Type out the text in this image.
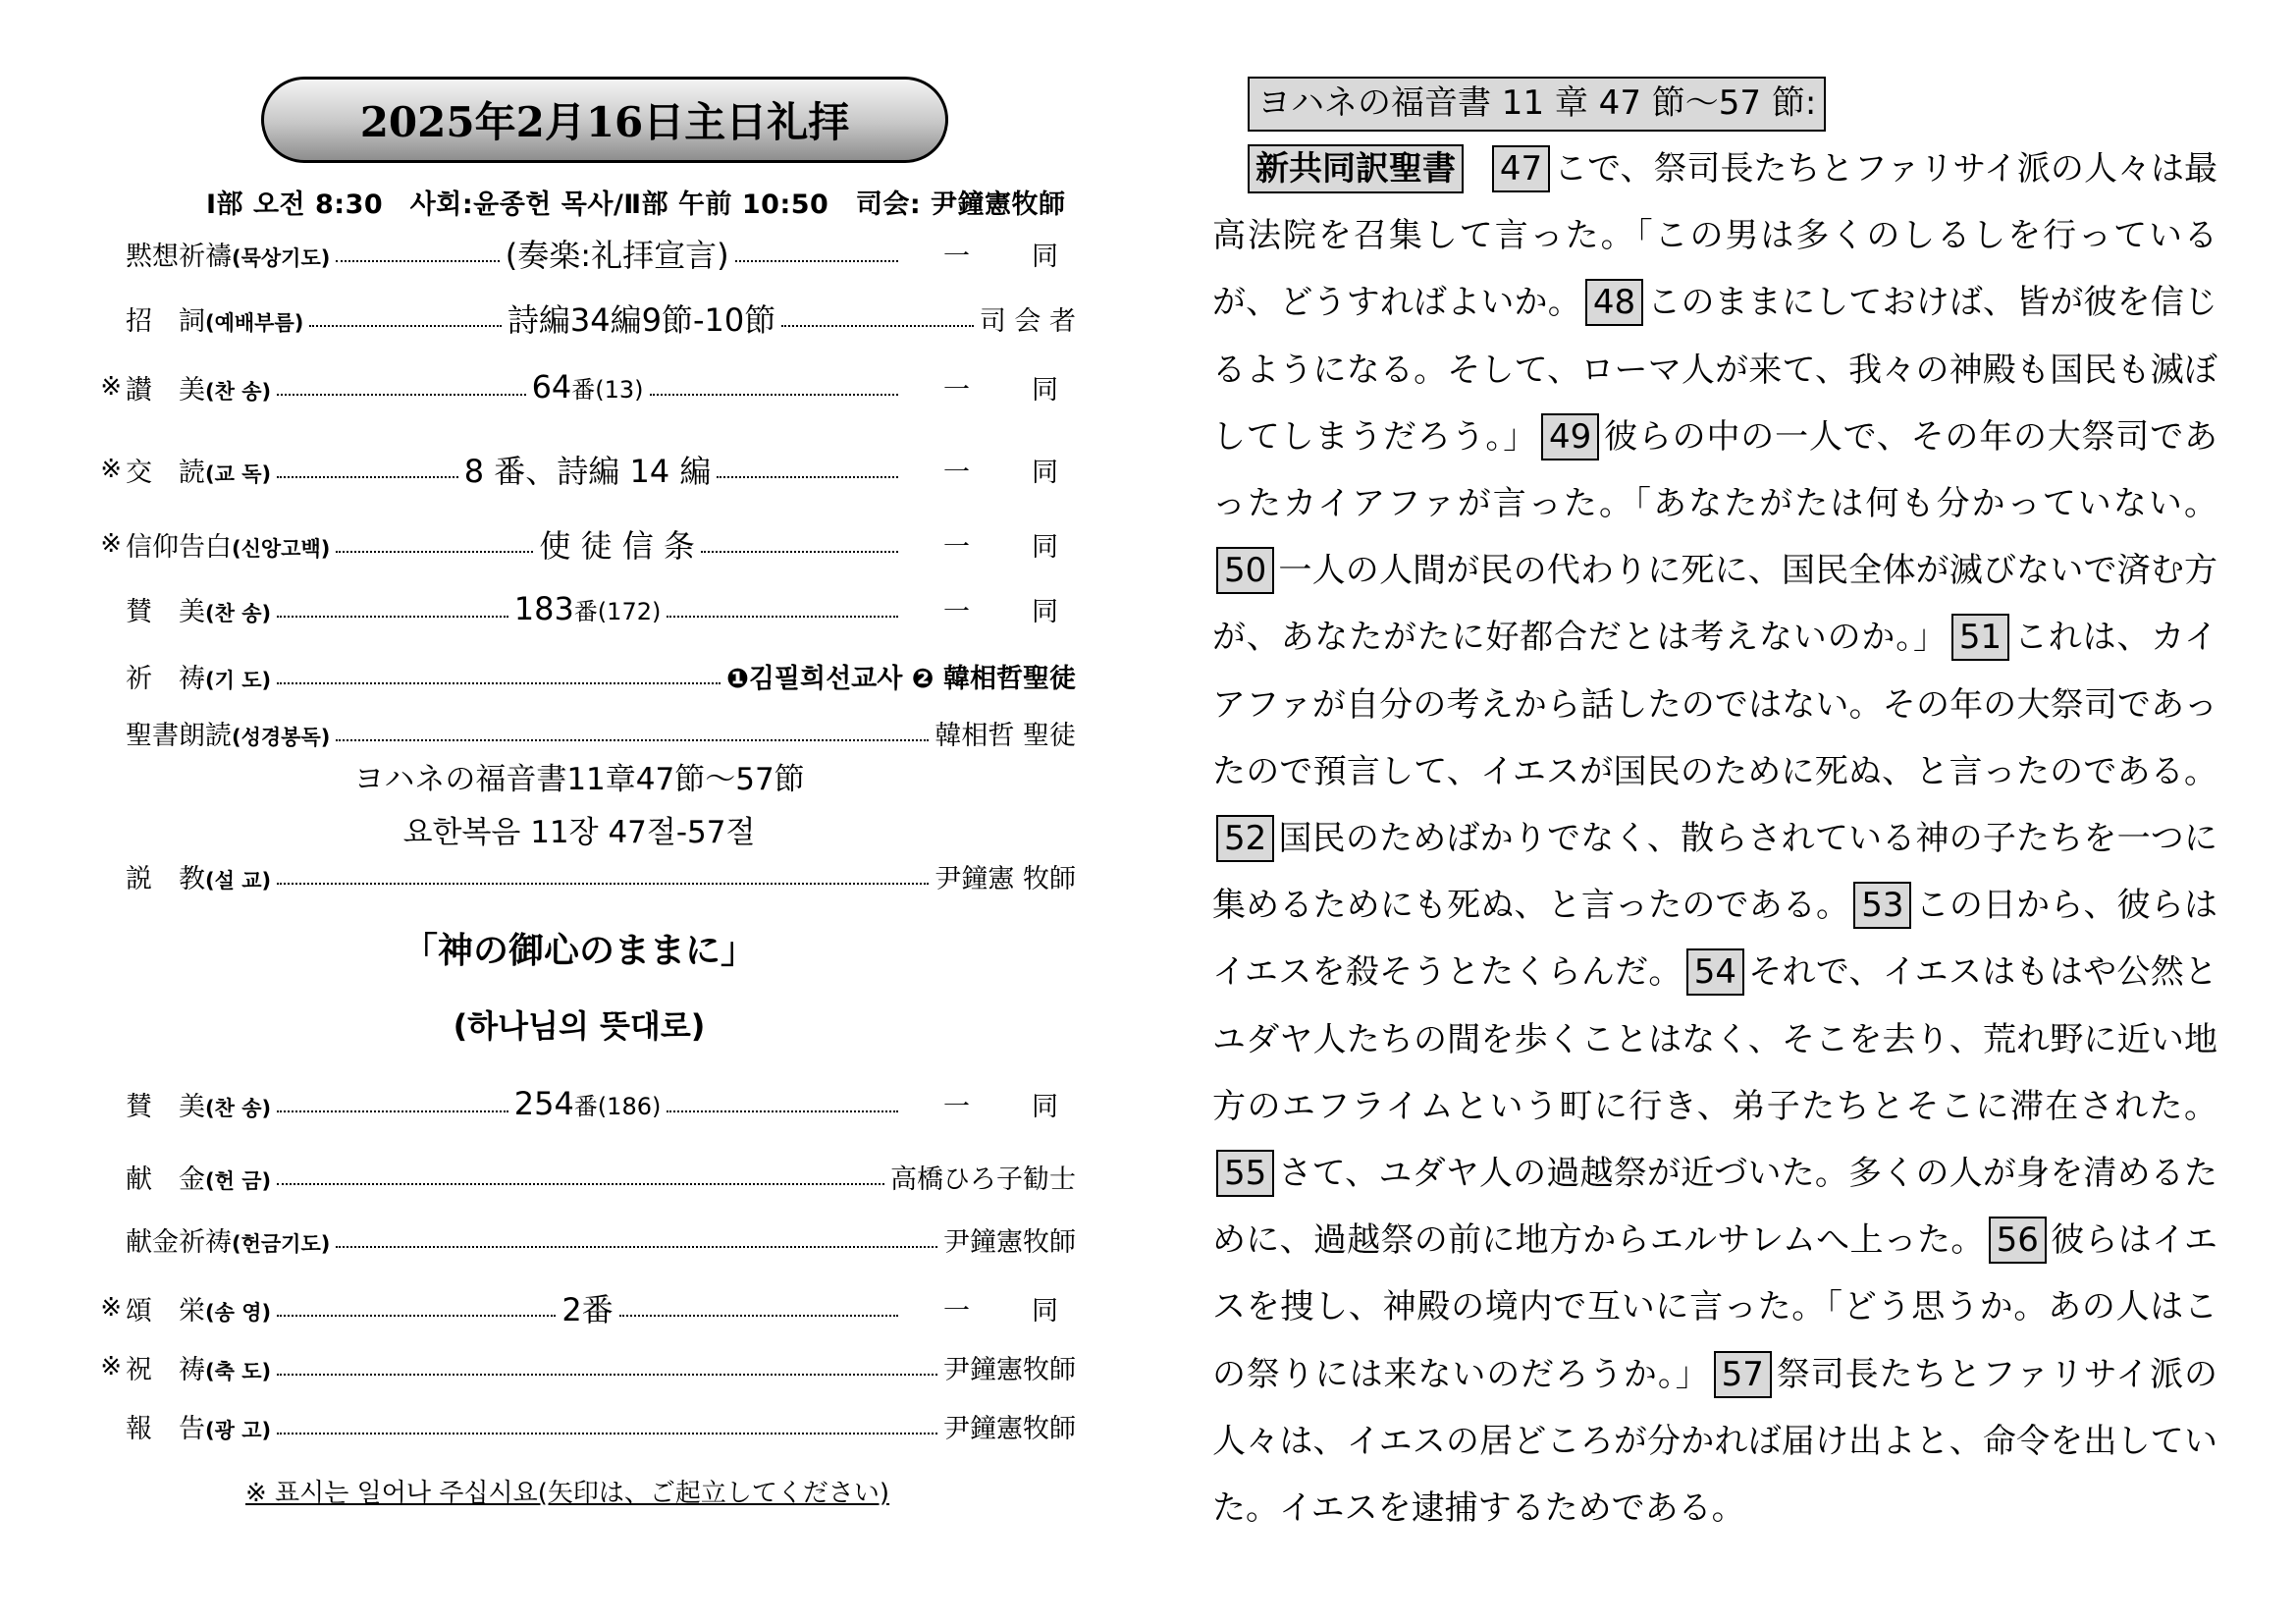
2025年2月16日主日礼拝
Ⅰ部 오전 8:30　사회:윤종헌 목사/Ⅱ部 午前 10:50　司会: 尹鐘憲牧師
黙想祈禱(묵상기도)	(奏楽:礼拝宣言)	一　同
招　詞(예배부름)	詩編34編9節-10節	司 会 者
※ 讃　美(찬 송)	64番(13)	一　同
※ 交　読(교 독)	8 番、詩編 14 編	一　同
※ 信仰告白(신앙고백)	使 徒 信 条	一　同
賛　美(찬 송)	183番(172)	一　同
祈　祷(기 도)	❶김필희선교사 ❷ 韓相哲聖徒
聖書朗読(성경봉독)	韓相哲 聖徒
ヨハネの福音書11章47節～57節
요한복음 11장 47절-57절
説　教(설 교)	尹鐘憲 牧師
「神の御心のままに」
(하나님의 뜻대로)
賛　美(찬 송)	254番(186)	一　同
献　金(헌 금)	高橋ひろ子勧士
献金祈祷(헌금기도)	尹鐘憲牧師
※ 頌　栄(송 영)	2番	一　同
※ 祝　祷(축 도)	尹鐘憲牧師
報　告(광 고)	尹鐘憲牧師
※ 표시는 일어나 주십시요(矢印は、ご起立してください)
ヨハネの福音書 11 章 47 節～57 節:
新共同訳聖書 47 こで、祭司長たちとファリサイ派の人々は最高法院を召集して言った。「この男は多くのしるしを行っているが、どうすればよいか。 48 このままにしておけば、皆が彼を信じるようになる。そして、ローマ人が来て、我々の神殿も国民も滅ぼしてしまうだろう。」 49 彼らの中の一人で、その年の大祭司であったカイアファが言った。「あなたがたは何も分かっていない。50 一人の人間が民の代わりに死に、国民全体が滅びないで済む方が、あなたがたに好都合だとは考えないのか。」 51 これは、カイアファが自分の考えから話したのではない。その年の大祭司であったので預言して、イエスが国民のために死ぬ、と言ったのである。52 国民のためばかりでなく、散らされている神の子たちを一つに集めるためにも死ぬ、と言ったのである。 53 この日から、彼らはイエスを殺そうとたくらんだ。 54 それで、イエスはもはや公然とユダヤ人たちの間を歩くことはなく、そこを去り、荒れ野に近い地方のエフライムという町に行き、弟子たちとそこに滞在された。55 さて、ユダヤ人の過越祭が近づいた。多くの人が身を清めるために、過越祭の前に地方からエルサレムへ上った。 56 彼らはイエスを捜し、神殿の境内で互いに言った。「どう思うか。あの人はこの祭りには来ないのだろうか。」 57 祭司長たちとファリサイ派の人々は、イエスの居どころが分かれば届け出よと、命令を出していた。イエスを逮捕するためである。
